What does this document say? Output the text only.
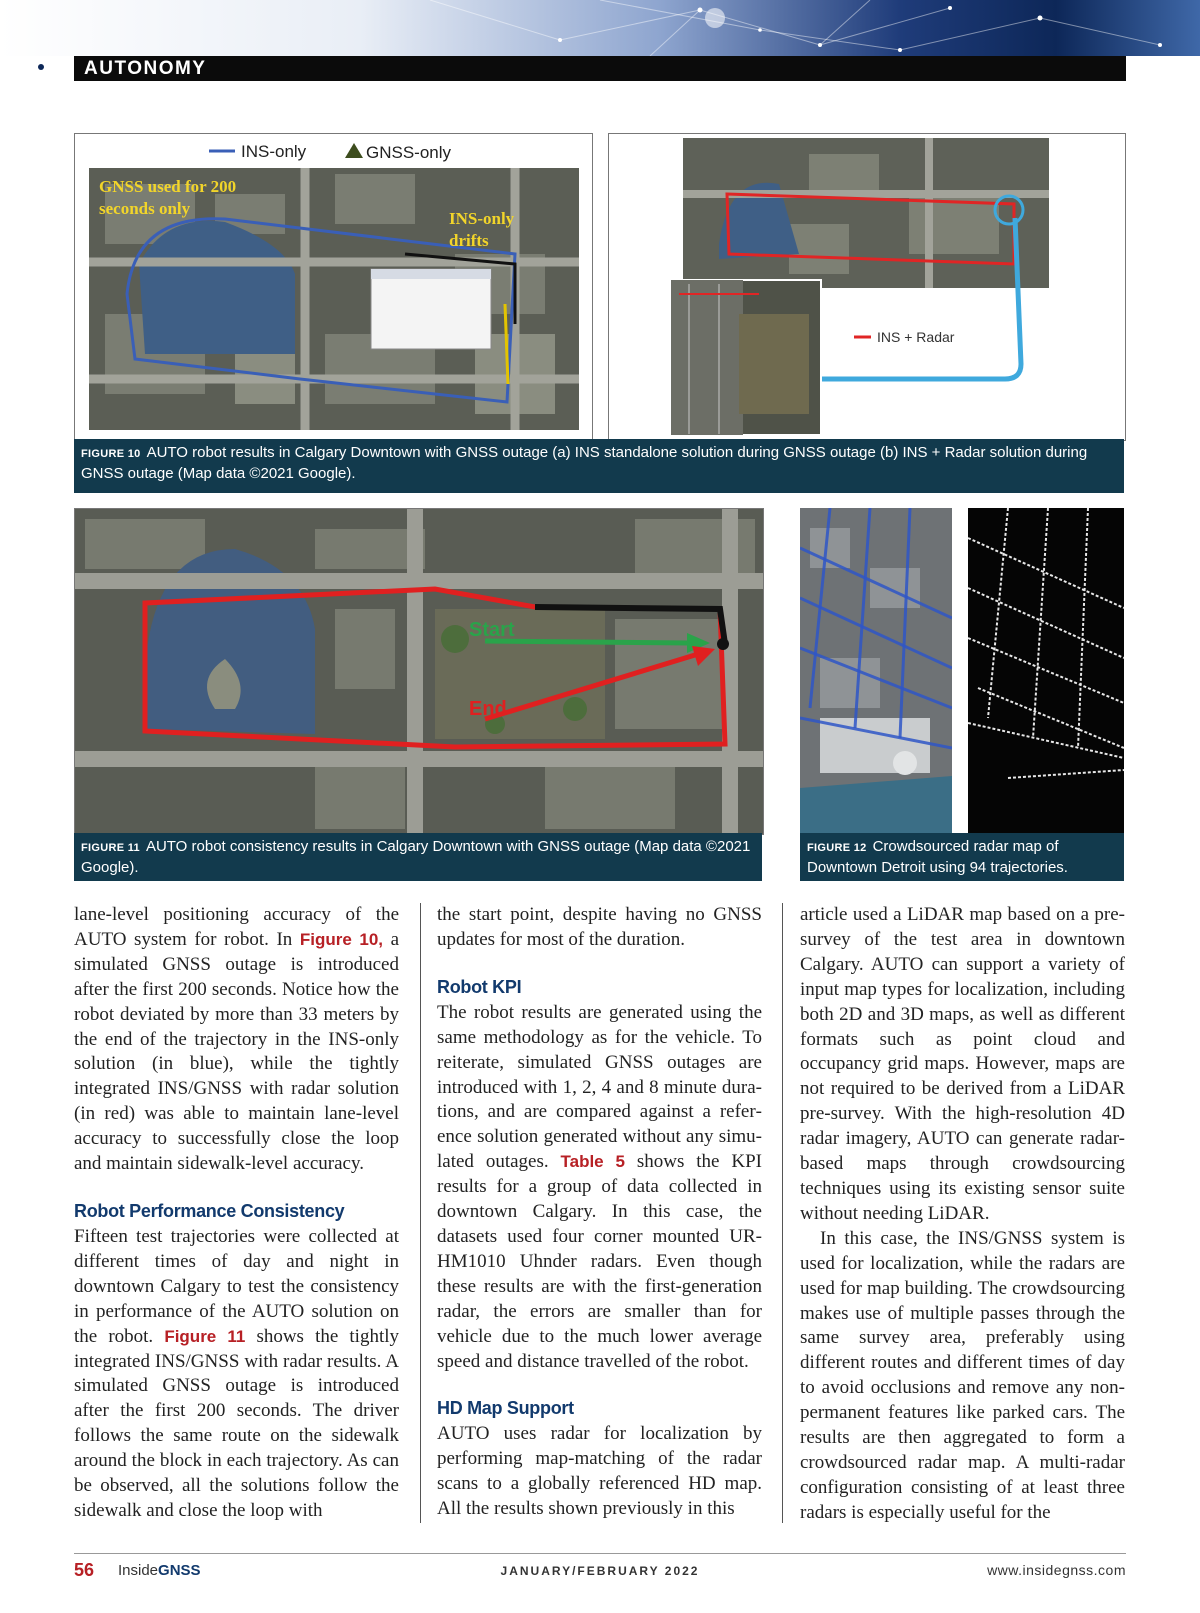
AUTONOMY
INS-only	GNSS-only
GNSS used for 200
seconds only
INS-only
drifts
INS + Radar
FIGURE 10 AUTO robot results in Calgary Downtown with GNSS outage (a) INS standalone solution during GNSS outage (b) INS + Radar solution during GNSS outage (Map data ©2021 Google).
Start
End
FIGURE 11 AUTO robot consistency results in Calgary Downtown with GNSS outage (Map data ©2021 Google).
FIGURE 12 Crowdsourced radar map of Downtown Detroit using 94 trajectories.

lane-level positioning accuracy of the AUTO system for robot. In Figure 10, a simulated GNSS outage is introduced after the first 200 seconds. Notice how the robot deviated by more than 33 meters by the end of the trajectory in the INS-only solution (in blue), while the tightly integrated INS/GNSS with radar solution (in red) was able to maintain lane-level accuracy to successfully close the loop and maintain sidewalk-level accuracy.

Robot Performance Consistency

Fifteen test trajectories were collected at different times of day and night in downtown Calgary to test the consistency in performance of the AUTO solution on the robot. Figure 11 shows the tightly integrated INS/GNSS with radar results. A simulated GNSS outage is introduced after the first 200 seconds. The driver follows the same route on the sidewalk around the block in each trajectory. As can be observed, all the solutions follow the sidewalk and close the loop with

the start point, despite having no GNSS updates for most of the duration.

Robot KPI

The robot results are generated using the same methodology as for the vehicle. To reiterate, simulated GNSS outages are introduced with 1, 2, 4 and 8 minute durations, and are compared against a reference solution generated without any simulated outages. Table 5 shows the KPI results for a group of data collected in downtown Calgary. In this case, the datasets used four corner mounted UR-HM1010 Uhnder radars. Even though these results are with the first-generation radar, the errors are smaller than for vehicle due to the much lower average speed and distance travelled of the robot.

HD Map Support

AUTO uses radar for localization by performing map-matching of the radar scans to a globally referenced HD map. All the results shown previously in this

article used a LiDAR map based on a pre-survey of the test area in downtown Calgary. AUTO can support a variety of input map types for localization, including both 2D and 3D maps, as well as different formats such as point cloud and occupancy grid maps. However, maps are not required to be derived from a LiDAR pre-survey. With the high-resolution 4D radar imagery, AUTO can generate radar-based maps through crowdsourcing techniques using its existing sensor suite without needing LiDAR.

In this case, the INS/GNSS system is used for localization, while the radars are used for map building. The crowdsourcing makes use of multiple passes through the same survey area, preferably using different routes and different times of day to avoid occlusions and remove any non-permanent features like parked cars. The results are then aggregated to form a crowdsourced radar map. A multi-radar configuration consisting of at least three radars is especially useful for the

56 InsideGNSS	JANUARY/FEBRUARY 2022	www.insidegnss.com
